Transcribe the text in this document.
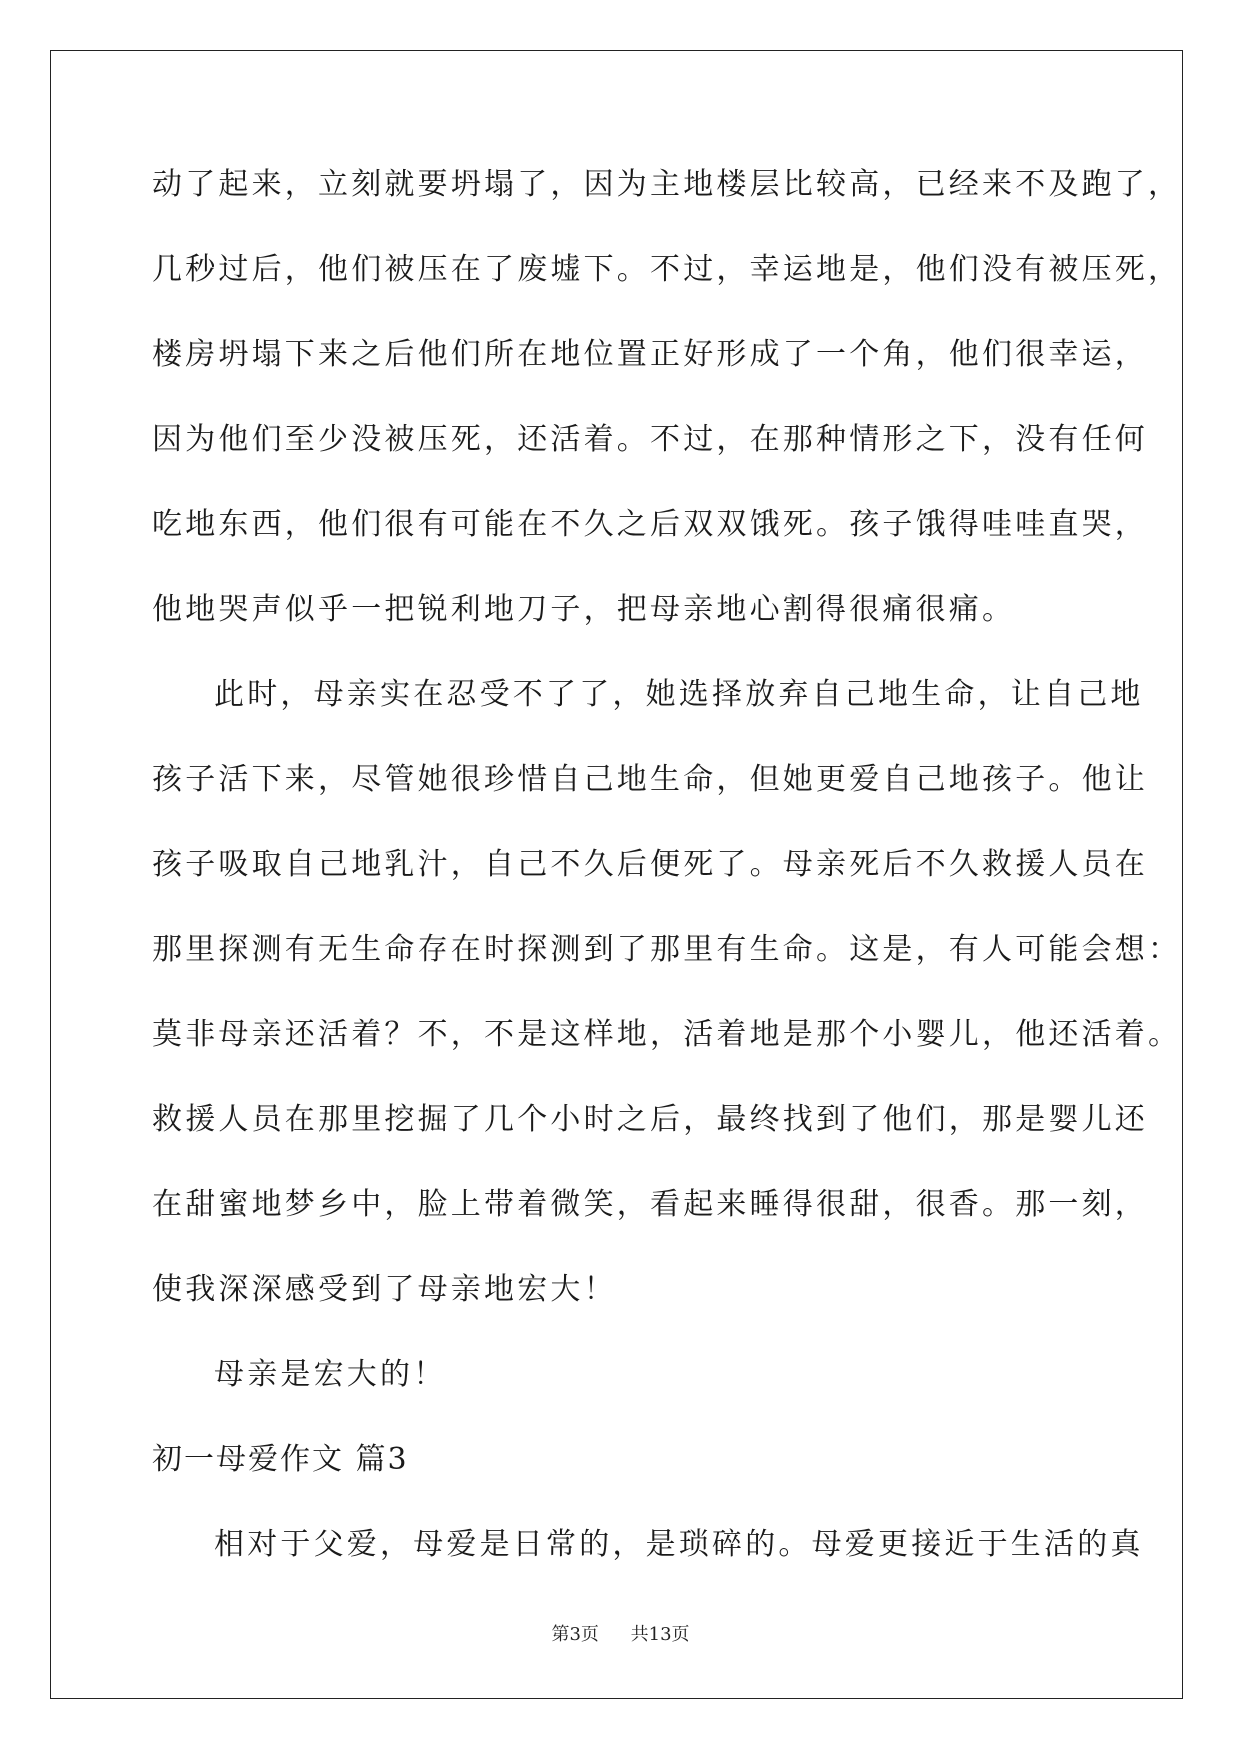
动了起来，立刻就要坍塌了，因为主地楼层比较高，已经来不及跑了，
几秒过后，他们被压在了废墟下。不过，幸运地是，他们没有被压死，
楼房坍塌下来之后他们所在地位置正好形成了一个角，他们很幸运，
因为他们至少没被压死，还活着。不过，在那种情形之下，没有任何
吃地东西，他们很有可能在不久之后双双饿死。孩子饿得哇哇直哭，
他地哭声似乎一把锐利地刀子，把母亲地心割得很痛很痛。
此时，母亲实在忍受不了了，她选择放弃自己地生命，让自己地
孩子活下来，尽管她很珍惜自己地生命，但她更爱自己地孩子。他让
孩子吸取自己地乳汁，自己不久后便死了。母亲死后不久救援人员在
那里探测有无生命存在时探测到了那里有生命。这是，有人可能会想：
莫非母亲还活着？不，不是这样地，活着地是那个小婴儿，他还活着。
救援人员在那里挖掘了几个小时之后，最终找到了他们，那是婴儿还
在甜蜜地梦乡中，脸上带着微笑，看起来睡得很甜，很香。那一刻，
使我深深感受到了母亲地宏大！
母亲是宏大的！
初一母爱作文 篇3
相对于父爱，母爱是日常的，是琐碎的。母爱更接近于生活的真
第3页 共13页
